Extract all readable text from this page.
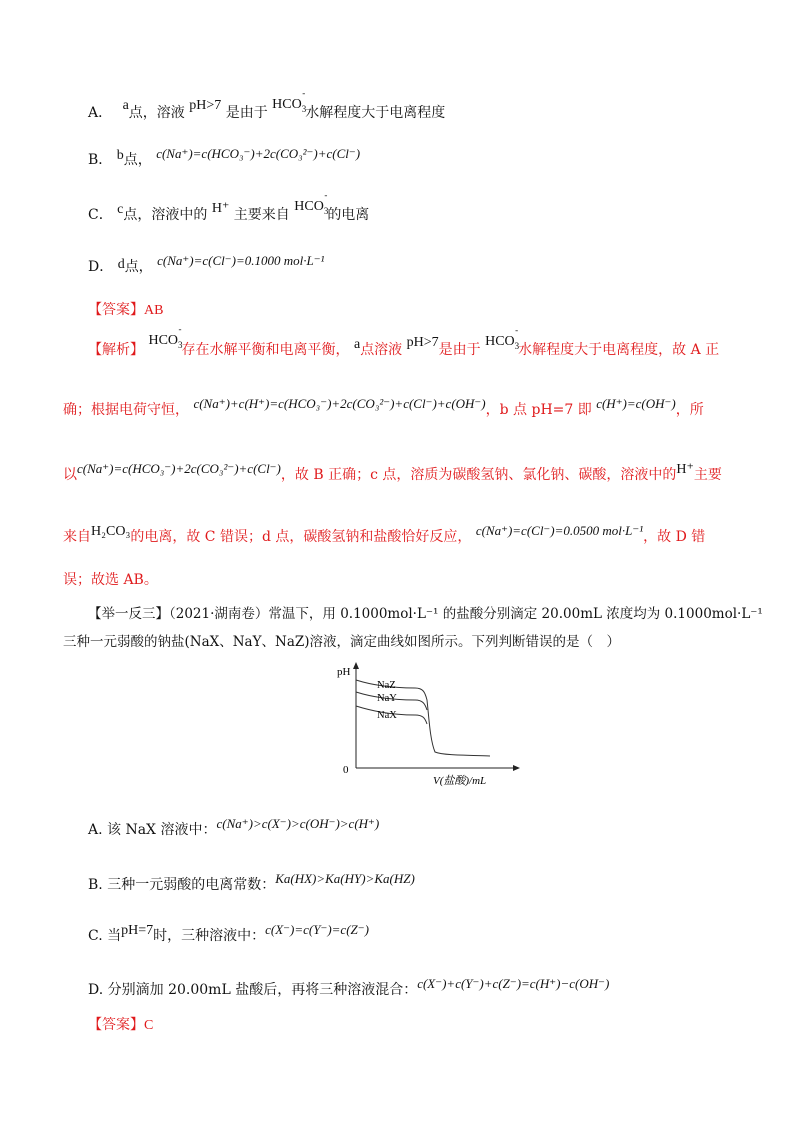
A． a点，溶液 pH>7 是由于 $HCO_3^-$水解程度大于电离程度
B． b点， c(Na⁺)=c(HCO₃⁻)+2c(CO₃²⁻)+c(Cl⁻)
C． c点，溶液中的 H⁺ 主要来自 $HCO_3^-$的电离
D． d点， c(Na⁺)=c(Cl⁻)=0.1000 mol·L⁻¹
【答案】AB
【解析】 $HCO_3^-$存在水解平衡和电离平衡， a点溶液 pH>7是由于 $HCO_3^-$水解程度大于电离程度，故 A 正
确；根据电荷守恒， c(Na⁺)+c(H⁺)=c(HCO₃⁻)+2c(CO₃²⁻)+c(Cl⁻)+c(OH⁻)，b 点 pH=7 即 c(H⁺)=c(OH⁻)，所
以c(Na⁺)=c(HCO₃⁻)+2c(CO₃²⁻)+c(Cl⁻)，故 B 正确；c 点，溶质为碳酸氢钠、氯化钠、碳酸，溶液中的H⁺主要
来自H₂CO₃的电离，故 C 错误；d 点，碳酸氢钠和盐酸恰好反应， c(Na⁺)=c(Cl⁻)=0.0500 mol·L⁻¹，故 D 错
误；故选 AB。
【举一反三】（2021·湖南卷）常温下，用 0.1000mol·L⁻¹ 的盐酸分别滴定 20.00mL 浓度均为 0.1000mol·L⁻¹
三种一元弱酸的钠盐(NaX、NaY、NaZ)溶液，滴定曲线如图所示。下列判断错误的是（　）
pH
0
V(盐酸)/mL
NaZ
NaY
NaX
A. 该 NaX 溶液中：c(Na⁺)>c(X⁻)>c(OH⁻)>c(H⁺)
B. 三种一元弱酸的电离常数：Ka(HX)>Ka(HY)>Ka(HZ)
C. 当pH=7时，三种溶液中：c(X⁻)=c(Y⁻)=c(Z⁻)
D. 分别滴加 20.00mL 盐酸后，再将三种溶液混合：c(X⁻)+c(Y⁻)+c(Z⁻)=c(H⁺)−c(OH⁻)
【答案】C
